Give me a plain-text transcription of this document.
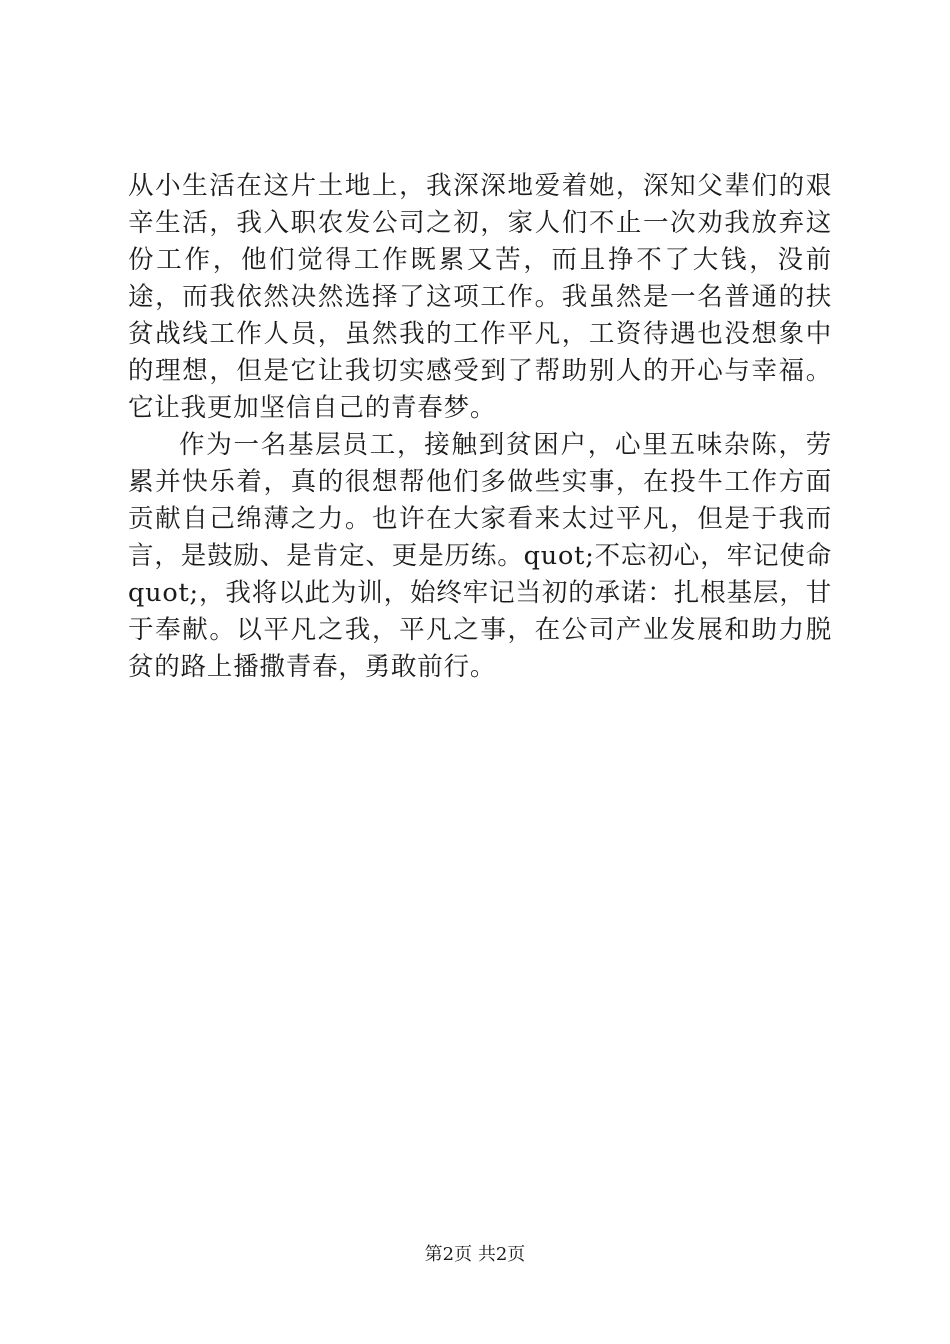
从小生活在这片土地上，我深深地爱着她，深知父辈们的艰辛生活，我入职农发公司之初，家人们不止一次劝我放弃这份工作，他们觉得工作既累又苦，而且挣不了大钱，没前途，而我依然决然选择了这项工作。我虽然是一名普通的扶贫战线工作人员，虽然我的工作平凡，工资待遇也没想象中的理想，但是它让我切实感受到了帮助别人的开心与幸福。它让我更加坚信自己的青春梦。

作为一名基层员工，接触到贫困户，心里五味杂陈，劳累并快乐着，真的很想帮他们多做些实事，在投牛工作方面贡献自己绵薄之力。也许在大家看来太过平凡，但是于我而言，是鼓励、是肯定、更是历练。quot;不忘初心，牢记使命quot;，我将以此为训，始终牢记当初的承诺：扎根基层，甘于奉献。以平凡之我，平凡之事，在公司产业发展和助力脱贫的路上播撒青春，勇敢前行。

第2页 共2页
